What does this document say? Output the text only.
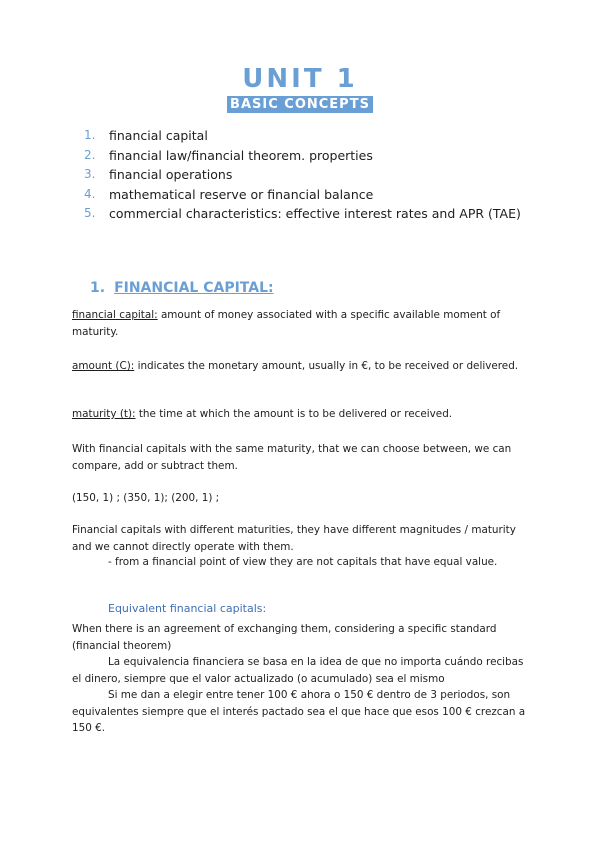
UNIT 1
BASIC CONCEPTS
1. financial capital
2. financial law/financial theorem. properties
3. financial operations
4. mathematical reserve or financial balance
5. commercial characteristics: effective interest rates and APR (TAE)
1. FINANCIAL CAPITAL:
financial capital: amount of money associated with a specific available moment of maturity.
amount (C): indicates the monetary amount, usually in €, to be received or delivered.
maturity (t): the time at which the amount is to be delivered or received.
With financial capitals with the same maturity, that we can choose between, we can compare, add or subtract them.
(150, 1) ; (350, 1); (200, 1) ;
Financial capitals with different maturities, they have different magnitudes / maturity and we cannot directly operate with them.
- from a financial point of view they are not capitals that have equal value.
Equivalent financial capitals:
When there is an agreement of exchanging them, considering a specific standard (financial theorem)
La equivalencia financiera se basa en la idea de que no importa cuándo recibas el dinero, siempre que el valor actualizado (o acumulado) sea el mismo
Si me dan a elegir entre tener 100 € ahora o 150 € dentro de 3 periodos, son equivalentes siempre que el interés pactado sea el que hace que esos 100 € crezcan a 150 €.
